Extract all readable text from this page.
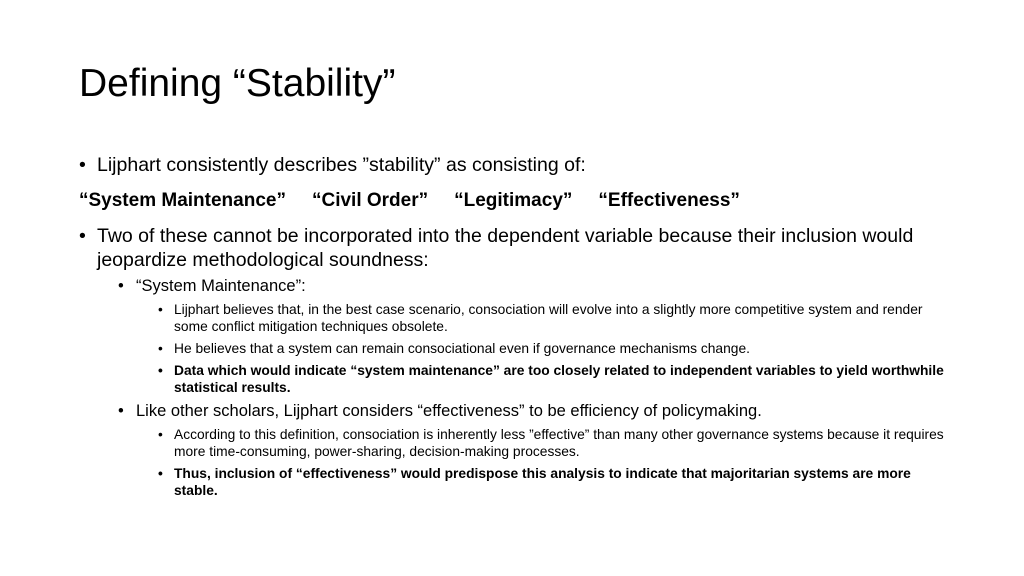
Defining “Stability”
• Lijphart consistently describes ”stability” as consisting of:
“System Maintenance” “Civil Order” “Legitimacy” “Effectiveness”
• Two of these cannot be incorporated into the dependent variable because their inclusion would jeopardize methodological soundness:
• “System Maintenance”:
• Lijphart believes that, in the best case scenario, consociation will evolve into a slightly more competitive system and render some conflict mitigation techniques obsolete.
• He believes that a system can remain consociational even if governance mechanisms change.
• Data which would indicate “system maintenance” are too closely related to independent variables to yield worthwhile statistical results.
• Like other scholars, Lijphart considers “effectiveness” to be efficiency of policymaking.
• According to this definition, consociation is inherently less ”effective” than many other governance systems because it requires more time-consuming, power-sharing, decision-making processes.
• Thus, inclusion of “effectiveness” would predispose this analysis to indicate that majoritarian systems are more stable.
